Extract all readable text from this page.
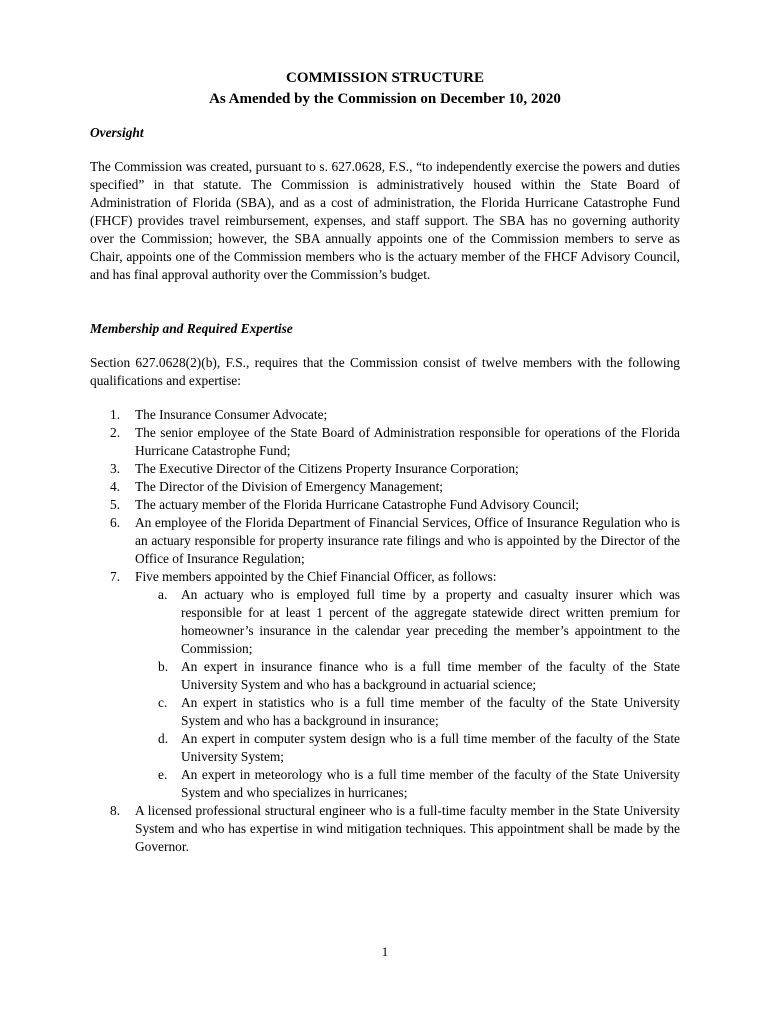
COMMISSION STRUCTURE
As Amended by the Commission on December 10, 2020

Oversight

The Commission was created, pursuant to s. 627.0628, F.S., “to independently exercise the powers and duties specified” in that statute. The Commission is administratively housed within the State Board of Administration of Florida (SBA), and as a cost of administration, the Florida Hurricane Catastrophe Fund (FHCF) provides travel reimbursement, expenses, and staff support. The SBA has no governing authority over the Commission; however, the SBA annually appoints one of the Commission members to serve as Chair, appoints one of the Commission members who is the actuary member of the FHCF Advisory Council, and has final approval authority over the Commission’s budget.

Membership and Required Expertise

Section 627.0628(2)(b), F.S., requires that the Commission consist of twelve members with the following qualifications and expertise:

1. The Insurance Consumer Advocate;
2. The senior employee of the State Board of Administration responsible for operations of the Florida Hurricane Catastrophe Fund;
3. The Executive Director of the Citizens Property Insurance Corporation;
4. The Director of the Division of Emergency Management;
5. The actuary member of the Florida Hurricane Catastrophe Fund Advisory Council;
6. An employee of the Florida Department of Financial Services, Office of Insurance Regulation who is an actuary responsible for property insurance rate filings and who is appointed by the Director of the Office of Insurance Regulation;
7. Five members appointed by the Chief Financial Officer, as follows:
a. An actuary who is employed full time by a property and casualty insurer which was responsible for at least 1 percent of the aggregate statewide direct written premium for homeowner’s insurance in the calendar year preceding the member’s appointment to the Commission;
b. An expert in insurance finance who is a full time member of the faculty of the State University System and who has a background in actuarial science;
c. An expert in statistics who is a full time member of the faculty of the State University System and who has a background in insurance;
d. An expert in computer system design who is a full time member of the faculty of the State University System;
e. An expert in meteorology who is a full time member of the faculty of the State University System and who specializes in hurricanes;
8. A licensed professional structural engineer who is a full-time faculty member in the State University System and who has expertise in wind mitigation techniques. This appointment shall be made by the Governor.
1
